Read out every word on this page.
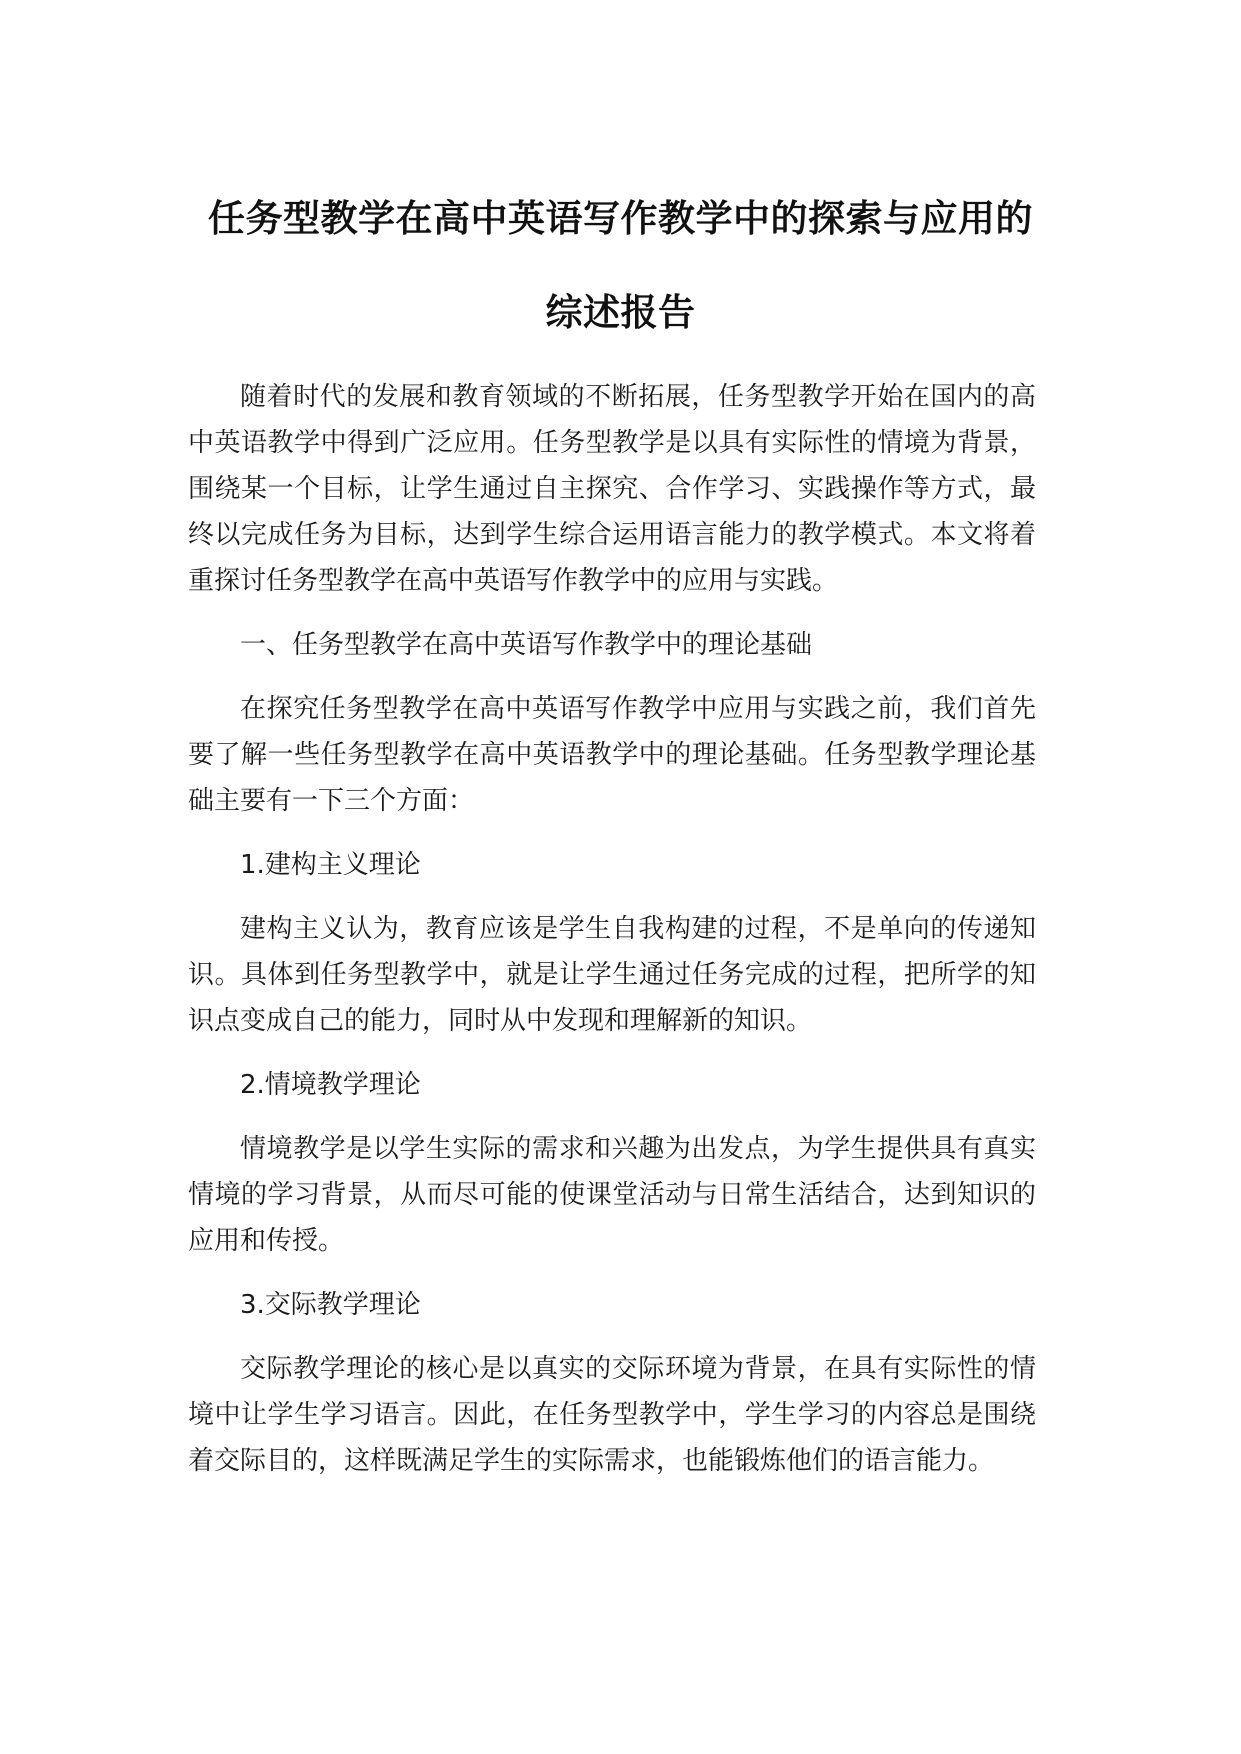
任务型教学在高中英语写作教学中的探索与应用的
综述报告

随着时代的发展和教育领域的不断拓展，任务型教学开始在国内的高中英语教学中得到广泛应用。任务型教学是以具有实际性的情境为背景，围绕某一个目标，让学生通过自主探究、合作学习、实践操作等方式，最终以完成任务为目标，达到学生综合运用语言能力的教学模式。本文将着重探讨任务型教学在高中英语写作教学中的应用与实践。

一、任务型教学在高中英语写作教学中的理论基础

在探究任务型教学在高中英语写作教学中应用与实践之前，我们首先要了解一些任务型教学在高中英语教学中的理论基础。任务型教学理论基础主要有一下三个方面：

1.建构主义理论

建构主义认为，教育应该是学生自我构建的过程，不是单向的传递知识。具体到任务型教学中，就是让学生通过任务完成的过程，把所学的知识点变成自己的能力，同时从中发现和理解新的知识。

2.情境教学理论

情境教学是以学生实际的需求和兴趣为出发点，为学生提供具有真实情境的学习背景，从而尽可能的使课堂活动与日常生活结合，达到知识的应用和传授。

3.交际教学理论

交际教学理论的核心是以真实的交际环境为背景，在具有实际性的情境中让学生学习语言。因此，在任务型教学中，学生学习的内容总是围绕着交际目的，这样既满足学生的实际需求，也能锻炼他们的语言能力。
